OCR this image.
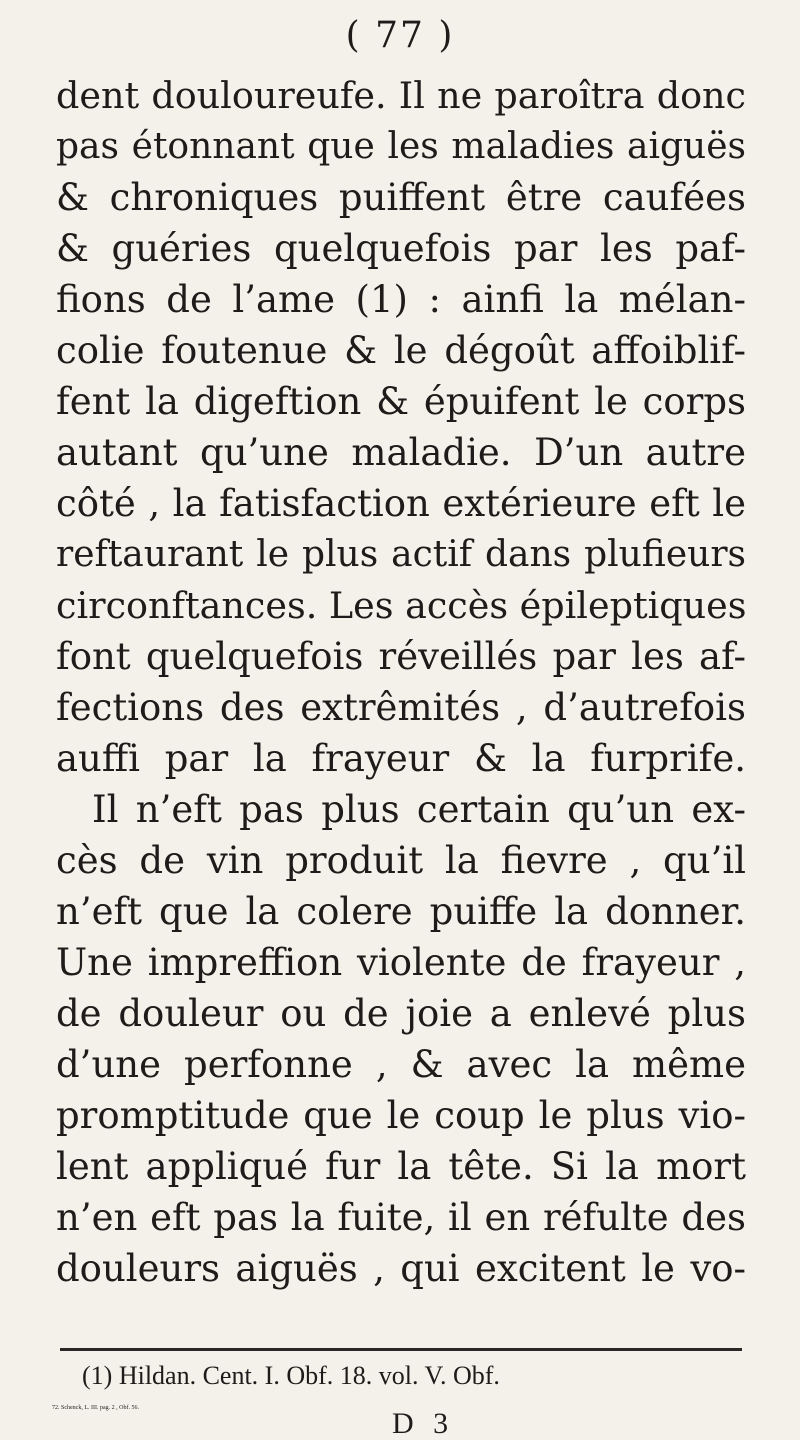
( 77 )
dent douloureufe. Il ne paroîtra donc
pas étonnant que les maladies aiguës
& chroniques puiffent être caufées
& guéries quelquefois par les paf-
fions de l’ame (1) : ainfi la mélan-
colie foutenue & le dégoût affoiblif-
fent la digeftion & épuifent le corps
autant qu’une maladie. D’un autre
côté , la fatisfaction extérieure eft le
reftaurant le plus actif dans plufieurs
circonftances. Les accès épileptiques
font quelquefois réveillés par les af-
fections des extrêmités , d’autrefois
auffi par la frayeur & la furprife.
Il n’eft pas plus certain qu’un ex-
cès de vin produit la fievre , qu’il
n’eft que la colere puiffe la donner.
Une impreffion violente de frayeur ,
de douleur ou de joie a enlevé plus
d’une perfonne , & avec la même
promptitude que le coup le plus vio-
lent appliqué fur la tête. Si la mort
n’en eft pas la fuite, il en réfulte des
douleurs aiguës , qui excitent le vo-
(1) Hildan. Cent. I. Obf. 18. vol. V. Obf.
72. Schenck, L. III. pag. 2 , Obf. 56.	D 3
